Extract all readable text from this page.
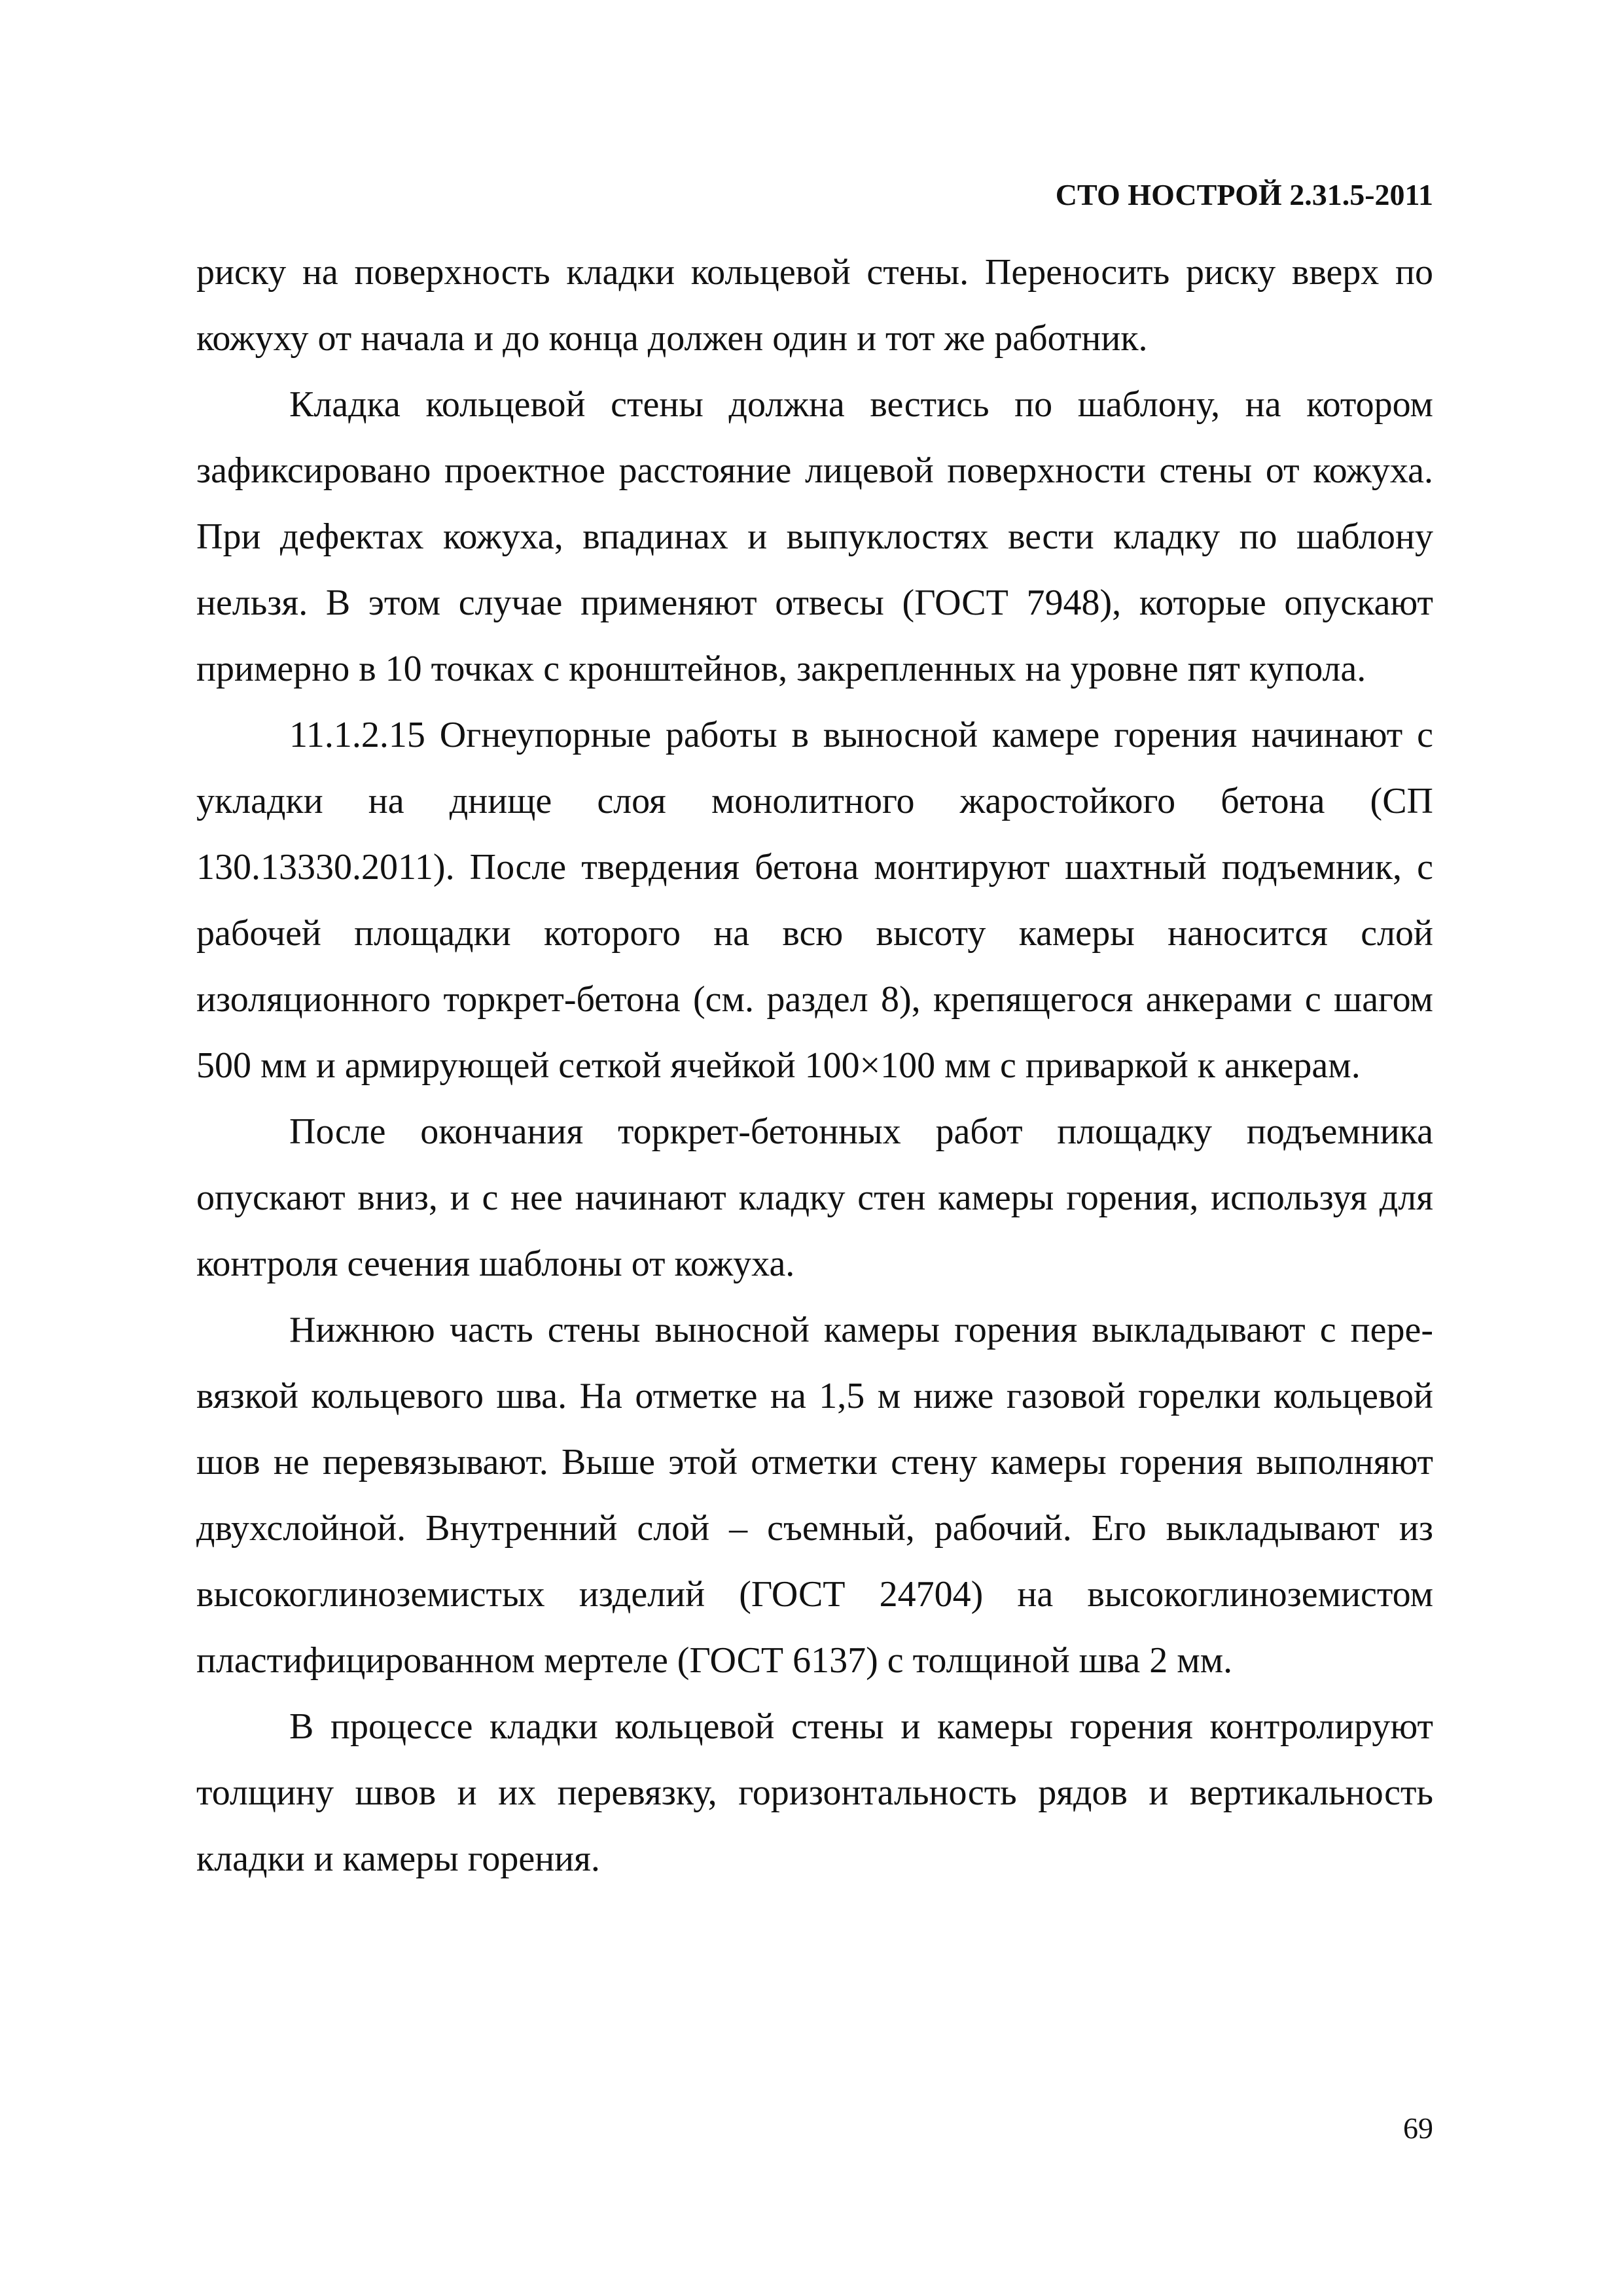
СТО НОСТРОЙ 2.31.5-2011

риску на поверхность кладки кольцевой стены. Переносить риску вверх по кожуху от начала и до конца должен один и тот же работник.

Кладка кольцевой стены должна вестись по шаблону, на котором зафиксировано проектное расстояние лицевой поверхности стены от кожуха. При дефектах кожуха, впадинах и выпуклостях вести кладку по шаблону нельзя. В этом случае применяют отвесы (ГОСТ 7948), которые опускают примерно в 10 точках с кронштейнов, закрепленных на уровне пят купола.

11.1.2.15 Огнеупорные работы в выносной камере горения начинают с укладки на днище слоя монолитного жаростойкого бетона (СП 130.13330.2011). После твердения бетона монтируют шахтный подъемник, с рабочей площадки которого на всю высоту камеры наносится слой изоляционного торкрет-бетона (см. раздел 8), крепящегося анкерами с шагом 500 мм и армирующей сеткой ячейкой 100×100 мм с приваркой к анкерам.

После окончания торкрет-бетонных работ площадку подъемника опускают вниз, и с нее начинают кладку стен камеры горения, используя для контроля сечения шаблоны от кожуха.

Нижнюю часть стены выносной камеры горения выкладывают с перевязкой кольцевого шва. На отметке на 1,5 м ниже газовой горелки кольцевой шов не перевязывают. Выше этой отметки стену камеры горения выполняют двухслойной. Внутренний слой – съемный, рабочий. Его выкладывают из высокоглиноземистых изделий (ГОСТ 24704) на высокоглиноземистом пластифицированном мертеле (ГОСТ 6137) с толщиной шва 2 мм.

В процессе кладки кольцевой стены и камеры горения контролируют толщину швов и их перевязку, горизонтальность рядов и вертикальность кладки и камеры горения.

69
